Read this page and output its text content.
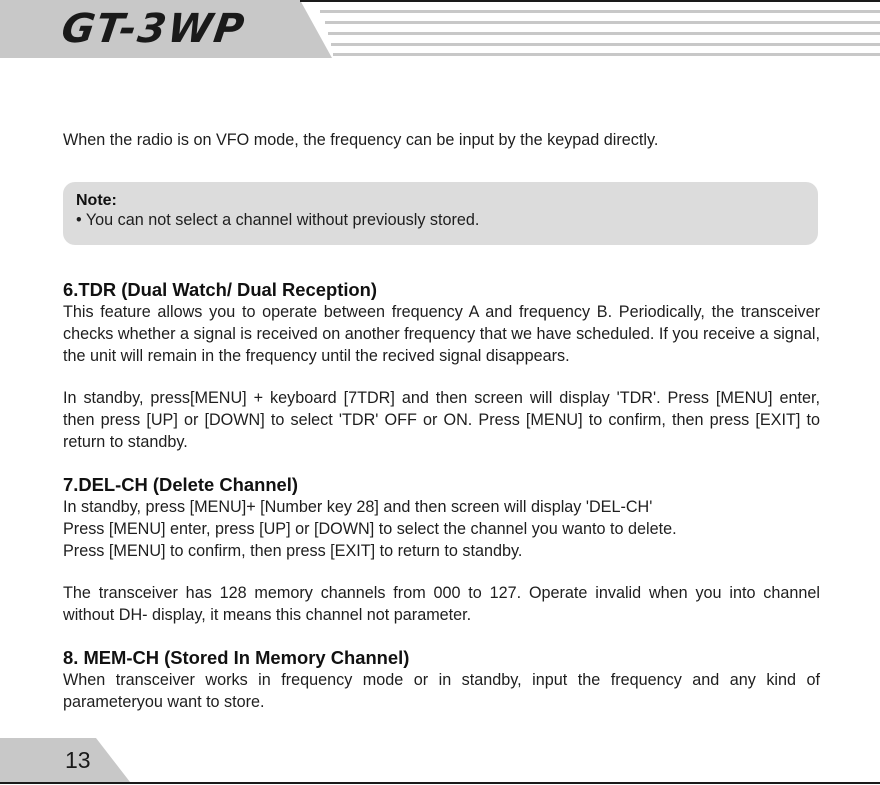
GT-3WP

When the radio is on VFO mode, the frequency can be input by the keypad directly.

Note:
• You can not select a channel without previously stored.

6.TDR (Dual Watch/ Dual Reception)

This feature allows you to operate between frequency A and frequency B. Periodically, the transceiver checks whether a signal is received on another frequency that we have scheduled. If you receive a signal, the unit will remain in the frequency until the recived signal disappears.

In standby, press[MENU] + keyboard [7TDR] and then screen will display 'TDR'. Press [MENU] enter, then press [UP] or [DOWN] to select 'TDR' OFF or ON. Press [MENU] to confirm, then press [EXIT] to return to standby.

7.DEL-CH (Delete Channel)

In standby, press [MENU]+ [Number key 28] and then screen will display 'DEL-CH'

Press [MENU] enter, press [UP] or [DOWN] to select the channel you wanto to delete.

Press [MENU] to confirm, then press [EXIT] to return to standby.

The transceiver has 128 memory channels from 000 to 127. Operate invalid when you into channel without DH- display, it means this channel not parameter.

8. MEM-CH (Stored In Memory Channel)

When transceiver works in frequency mode or in standby, input the frequency and any kind of parameteryou want to store.

13
